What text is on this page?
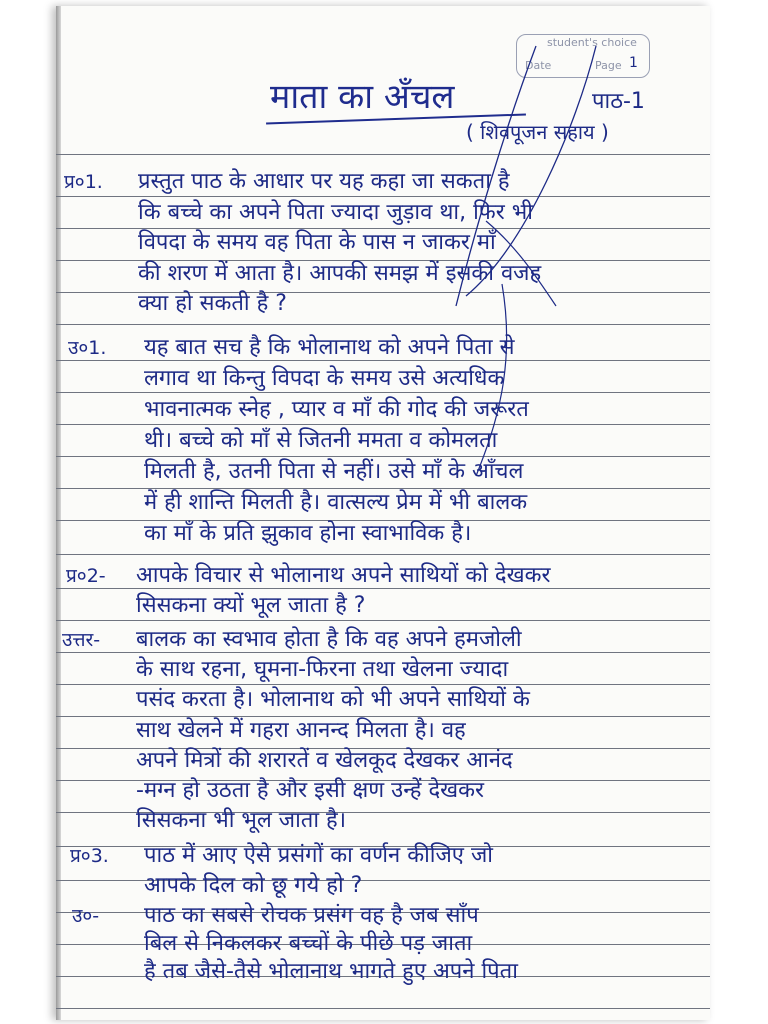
student's choice
Date	Page 1
माता का अँचल	पाठ-1
( शिवपूजन सहाय )
प्र०1. प्रस्तुत पाठ के आधार पर यह कहा जा सकता है
कि बच्चे का अपने पिता ज्यादा जुड़ाव था, फिर भी
विपदा के समय वह पिता के पास न जाकर माँ
की शरण में आता है। आपकी समझ में इसकी वजह
क्या हो सकती है ?
उ०1. यह बात सच है कि भोलानाथ को अपने पिता से
लगाव था किन्तु विपदा के समय उसे अत्यधिक
भावनात्मक स्नेह , प्यार व माँ की गोद की जरूरत
थी। बच्चे को माँ से जितनी ममता व कोमलता
मिलती है, उतनी पिता से नहीं। उसे माँ के आँचल
में ही शान्ति मिलती है। वात्सल्य प्रेम में भी बालक
का माँ के प्रति झुकाव होना स्वाभाविक है।
प्र०2- आपके विचार से भोलानाथ अपने साथियों को देखकर
सिसकना क्यों भूल जाता है ?
उत्तर- बालक का स्वभाव होता है कि वह अपने हमजोली
के साथ रहना, घूमना-फिरना तथा खेलना ज्यादा
पसंद करता है। भोलानाथ को भी अपने साथियों के
साथ खेलने में गहरा आनन्द मिलता है। वह
अपने मित्रों की शरारतें व खेलकूद देखकर आनंद
-मग्न हो उठता है और इसी क्षण उन्हें देखकर
सिसकना भी भूल जाता है।
प्र०3. पाठ में आए ऐसे प्रसंगों का वर्णन कीजिए जो
आपके दिल को छू गये हो ?
उ०- पाठ का सबसे रोचक प्रसंग वह है जब साँप
बिल से निकलकर बच्चों के पीछे पड़ जाता
है तब जैसे-तैसे भोलानाथ भागते हुए अपने पिता
